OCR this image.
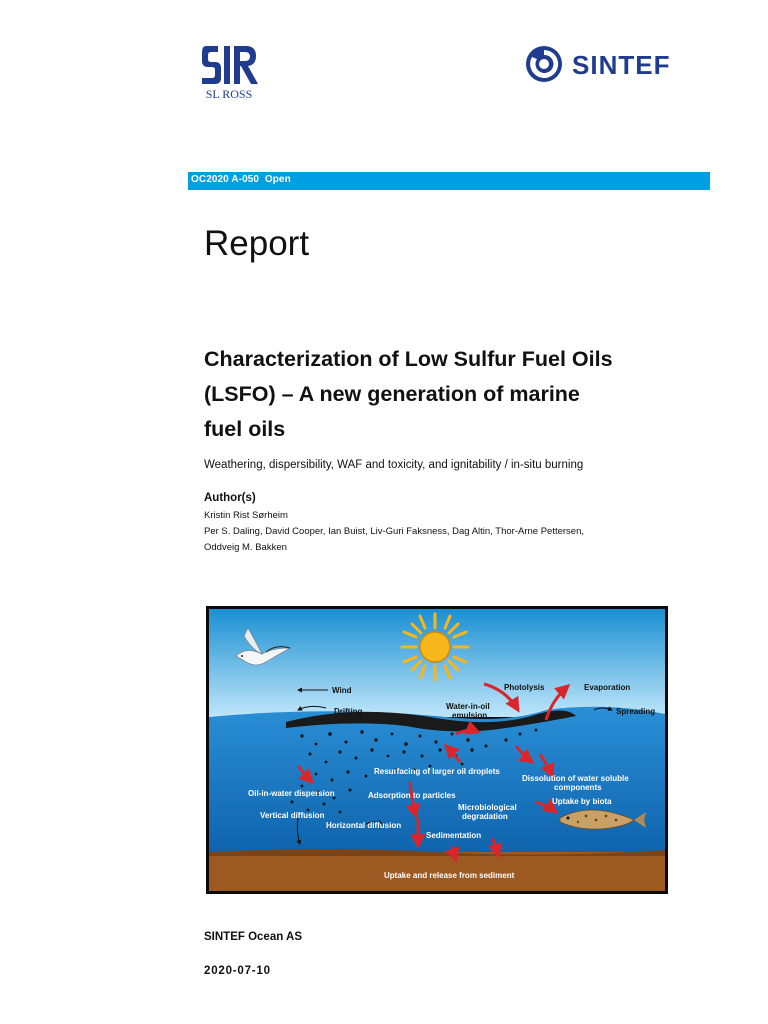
SL ROSS
SINTEF
OC2020 A-050  Open
Report
Characterization of Low Sulfur Fuel Oils
(LSFO) – A new generation of marine
fuel oils
Weathering, dispersibility, WAF and toxicity, and ignitability / in-situ burning
Author(s)
Kristin Rist Sørheim
Per S. Daling, David Cooper, Ian Buist, Liv-Guri Faksness, Dag Altin, Thor-Arne Pettersen,
Oddveig M. Bakken
Wind
Drifting
Water-in-oil
emulsion
Photolysis	Evaporation
Spreading
Resurfacing of larger oil droplets
Dissolution of water soluble
components
Oil-in-water dispersion	Adsorption to particles
Microbiological
degradation
Uptake by biota
Vertical diffusion
Horizontal diffusion
Sedimentation
Uptake and release from sediment
SINTEF Ocean AS
2020-07-10
